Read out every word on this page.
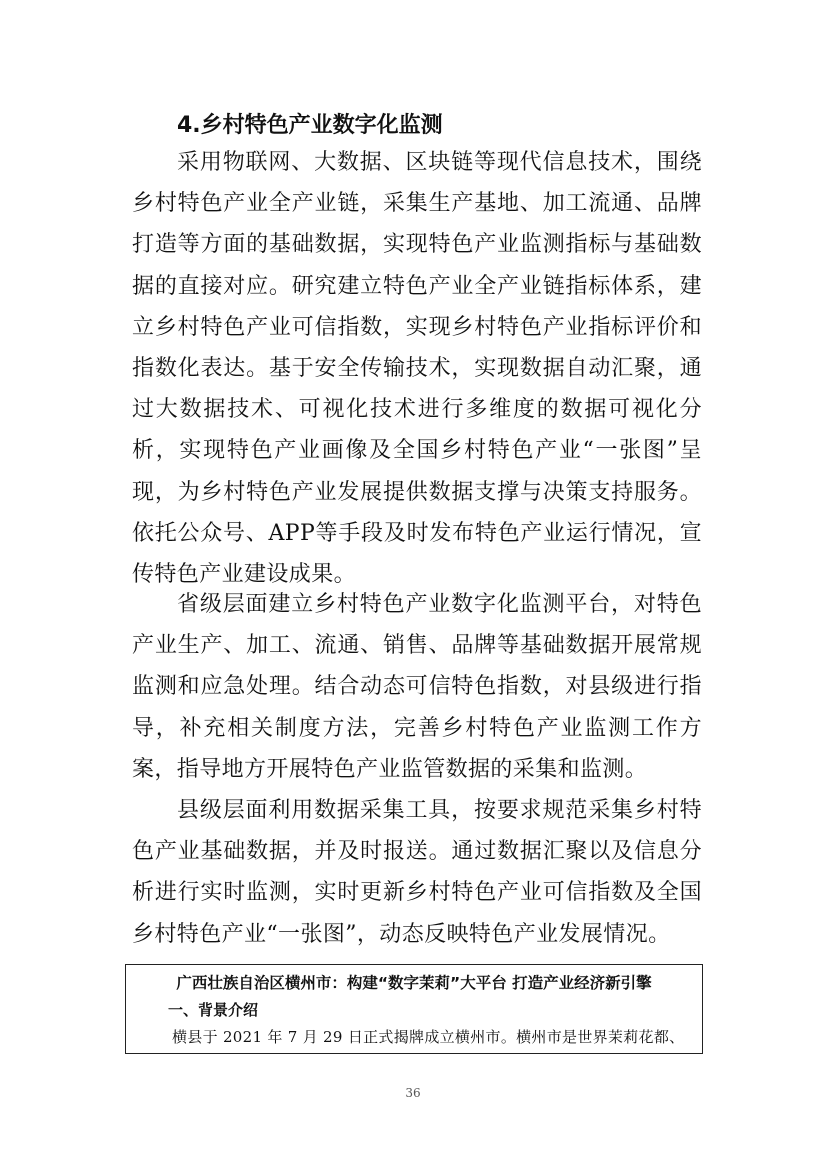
4.乡村特色产业数字化监测

采用物联网、大数据、区块链等现代信息技术，围绕乡村特色产业全产业链，采集生产基地、加工流通、品牌打造等方面的基础数据，实现特色产业监测指标与基础数据的直接对应。研究建立特色产业全产业链指标体系，建立乡村特色产业可信指数，实现乡村特色产业指标评价和指数化表达。基于安全传输技术，实现数据自动汇聚，通过大数据技术、可视化技术进行多维度的数据可视化分析，实现特色产业画像及全国乡村特色产业“一张图”呈现，为乡村特色产业发展提供数据支撑与决策支持服务。依托公众号、APP等手段及时发布特色产业运行情况，宣传特色产业建设成果。

省级层面建立乡村特色产业数字化监测平台，对特色产业生产、加工、流通、销售、品牌等基础数据开展常规监测和应急处理。结合动态可信特色指数，对县级进行指导，补充相关制度方法，完善乡村特色产业监测工作方案，指导地方开展特色产业监管数据的采集和监测。

县级层面利用数据采集工具，按要求规范采集乡村特色产业基础数据，并及时报送。通过数据汇聚以及信息分析进行实时监测，实时更新乡村特色产业可信指数及全国乡村特色产业“一张图”，动态反映特色产业发展情况。

广西壮族自治区横州市：构建“数字茉莉”大平台 打造产业经济新引擎

一、背景介绍

横县于 2021 年 7 月 29 日正式揭牌成立横州市。横州市是世界茉莉花都、

36
